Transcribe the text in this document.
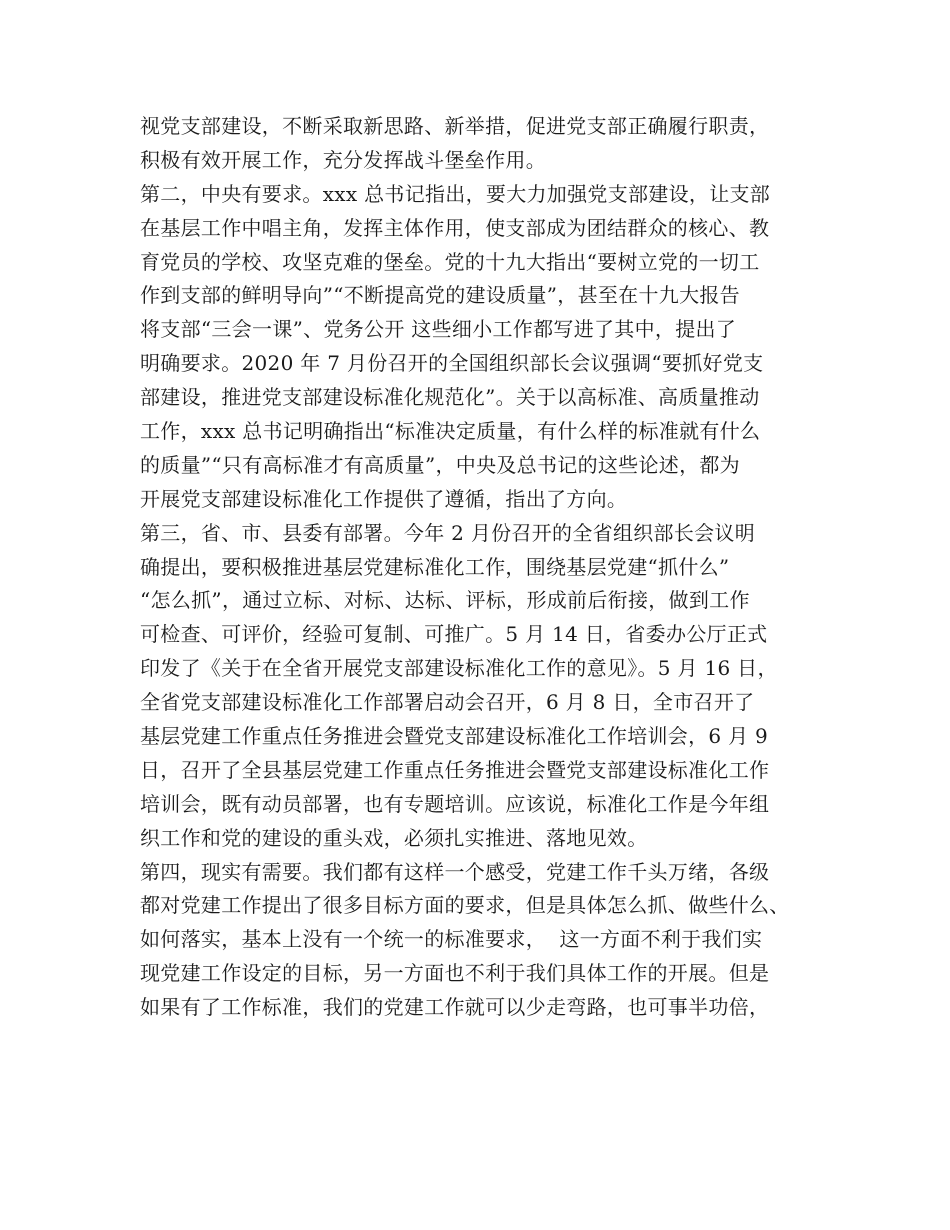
视党支部建设，不断采取新思路、新举措，促进党支部正确履行职责，
积极有效开展工作，充分发挥战斗堡垒作用。
第二，中央有要求。xxx 总书记指出，要大力加强党支部建设，让支部
在基层工作中唱主角，发挥主体作用，使支部成为团结群众的核心、教
育党员的学校、攻坚克难的堡垒。党的十九大指出“要树立党的一切工
作到支部的鲜明导向”“不断提高党的建设质量”，甚至在十九大报告
将支部“三会一课”、党务公开 这些细小工作都写进了其中，提出了
明确要求。2020 年 7 月份召开的全国组织部长会议强调“要抓好党支
部建设，推进党支部建设标准化规范化”。关于以高标准、高质量推动
工作，xxx 总书记明确指出“标准决定质量，有什么样的标准就有什么
的质量”“只有高标准才有高质量”，中央及总书记的这些论述，都为
开展党支部建设标准化工作提供了遵循，指出了方向。
第三，省、市、县委有部署。今年 2 月份召开的全省组织部长会议明
确提出，要积极推进基层党建标准化工作，围绕基层党建“抓什么”
“怎么抓”，通过立标、对标、达标、评标，形成前后衔接，做到工作
可检查、可评价，经验可复制、可推广。5 月 14 日，省委办公厅正式
印发了《关于在全省开展党支部建设标准化工作的意见》。5 月 16 日，
全省党支部建设标准化工作部署启动会召开，6 月 8 日，全市召开了
基层党建工作重点任务推进会暨党支部建设标准化工作培训会，6 月 9
日，召开了全县基层党建工作重点任务推进会暨党支部建设标准化工作
培训会，既有动员部署，也有专题培训。应该说，标准化工作是今年组
织工作和党的建设的重头戏，必须扎实推进、落地见效。
第四，现实有需要。我们都有这样一个感受，党建工作千头万绪，各级
都对党建工作提出了很多目标方面的要求，但是具体怎么抓、做些什么、
如何落实，基本上没有一个统一的标准要求，  这一方面不利于我们实
现党建工作设定的目标，另一方面也不利于我们具体工作的开展。但是
如果有了工作标准，我们的党建工作就可以少走弯路，也可事半功倍，
